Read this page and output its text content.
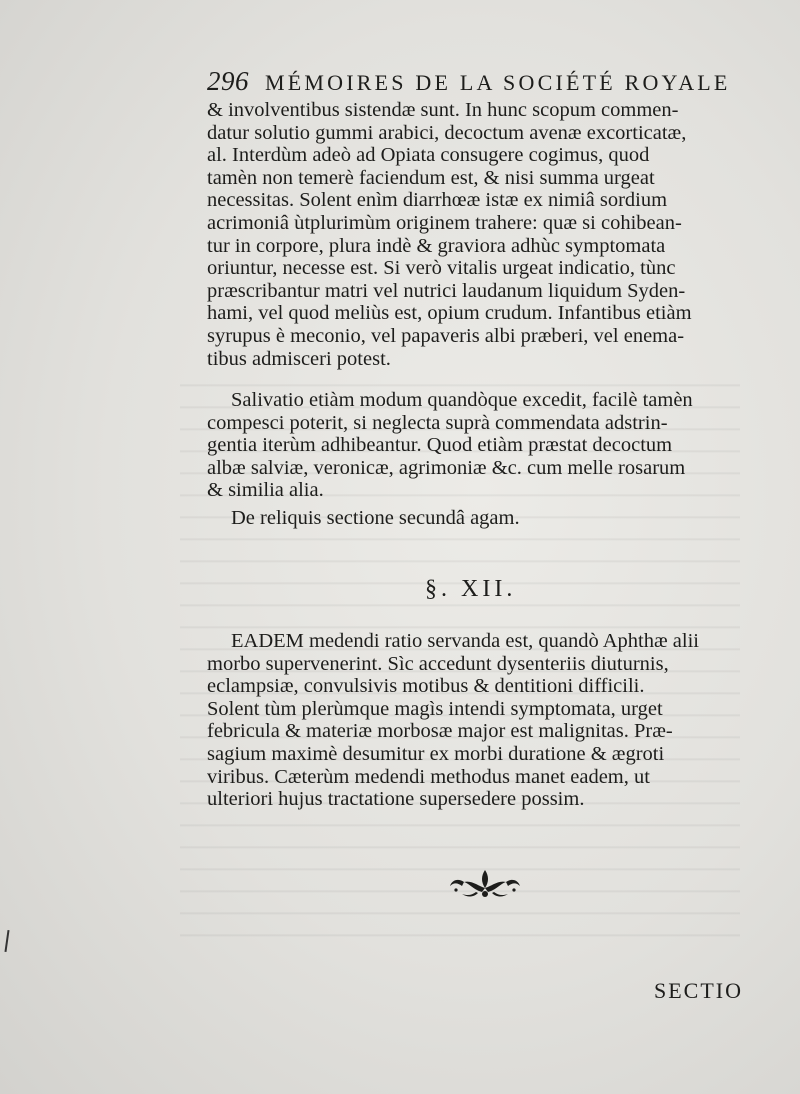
296 MÉMOIRES DE LA SOCIÉTÉ ROYALE
& involventibus sistendæ sunt. In hunc scopum commen-
datur solutio gummi arabici, decoctum avenæ excorticatæ,
al. Interdùm adeò ad Opiata consugere cogimus, quod
tamèn non temerè faciendum est, & nisi summa urgeat
necessitas. Solent enìm diarrhœæ istæ ex nimiâ sordium
acrimoniâ ùtplurimùm originem trahere: quæ si cohibean-
tur in corpore, plura indè & graviora adhùc symptomata
oriuntur, necesse est. Si verò vitalis urgeat indicatio, tùnc
præscribantur matri vel nutrici laudanum liquidum Syden-
hami, vel quod meliùs est, opium crudum. Infantibus etiàm
syrupus è meconio, vel papaveris albi præberi, vel enema-
tibus admisceri potest.
Salivatio etiàm modum quandòque excedit, facilè tamèn
compesci poterit, si neglecta suprà commendata adstrin-
gentia iterùm adhibeantur. Quod etiàm præstat decoctum
albæ salviæ, veronicæ, agrimoniæ &c. cum melle rosarum
& similia alia.
De reliquis sectione secundâ agam.
§. XII.
EADEM medendi ratio servanda est, quandò Aphthæ alii
morbo supervenerint. Sìc accedunt dysenteriis diuturnis,
eclampsiæ, convulsivis motibus & dentitioni difficili.
Solent tùm plerùmque magìs intendi symptomata, urget
febricula & materiæ morbosæ major est malignitas. Præ-
sagium maximè desumitur ex morbi duratione & ægroti
viribus. Cæterùm medendi methodus manet eadem, ut
ulteriori hujus tractatione supersedere possim.
SECTIO
